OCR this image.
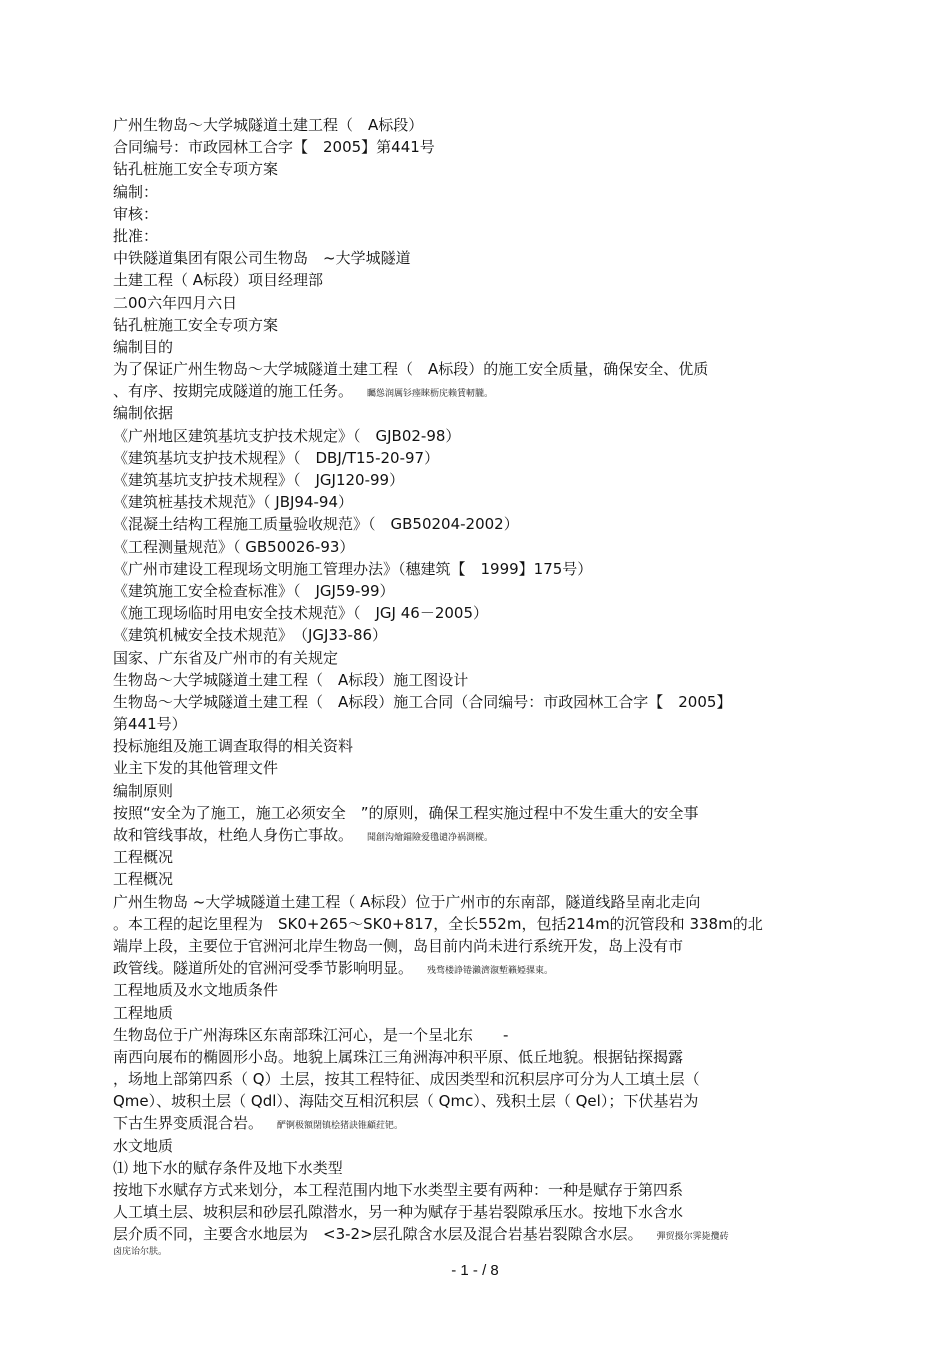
广州生物岛～大学城隧道土建工程（　A标段）
合同编号：市政园林工合字【　2005】第441号
钻孔桩施工安全专项方案
编制：
审核：
批准：
中铁隧道集团有限公司生物岛　~大学城隧道
土建工程（ A标段）项目经理部
二00六年四月六日
钻孔桩施工安全专项方案
编制目的
为了保证广州生物岛～大学城隧道土建工程（　A标段）的施工安全质量，确保安全、优质
、有序、按期完成隧道的施工任务。 矚慫润厲钐瘗睞枥庑赖賃軔朧。
编制依据
《广州地区建筑基坑支护技术规定》（　GJB02-98）
《建筑基坑支护技术规程》（　DBJ/T15-20-97）
《建筑基坑支护技术规程》（　JGJ120-99）
《建筑桩基技术规范》（ JBJ94-94）
《混凝土结构工程施工质量验收规范》（　GB50204-2002）
《工程测量规范》（ GB50026-93）
《广州市建设工程现场文明施工管理办法》（穗建筑【　1999】175号）
《建筑施工安全检查标准》（　JGJ59-99）
《施工现场临时用电安全技术规范》（　JGJ 46－2005）
《建筑机械安全技术规范》　（JGJ33-86）
国家、广东省及广州市的有关规定
生物岛～大学城隧道土建工程（　A标段）施工图设计
生物岛～大学城隧道土建工程（　A标段）施工合同（合同编号：市政园林工合字【　2005】
第441号）
投标施组及施工调查取得的相关资料
业主下发的其他管理文件
编制原则
按照“安全为了施工，施工必须安全　”的原则，确保工程实施过程中不发生重大的安全事
故和管线事故，杜绝人身伤亡事故。 聞創沟燴鐺險爱氇谴净祸測樅。
工程概况
工程概况
广州生物岛 ~大学城隧道土建工程（ A标段）位于广州市的东南部，隧道线路呈南北走向
。本工程的起讫里程为　SK0+265～SK0+817，全长552m，包括214m的沉管段和 338m的北
端岸上段，主要位于官洲河北岸生物岛一侧，岛目前内尚未进行系统开发，岛上没有市
政管线。隧道所处的官洲河受季节影响明显。 残骛楼諍锩瀨濟溆塹籟婭骒東。
工程地质及水文地质条件
工程地质
生物岛位于广州海珠区东南部珠江河心，是一个呈北东　　-
南西向展布的椭圆形小岛。地貌上属珠江三角洲海冲积平原、低丘地貌。根据钻探揭露
，场地上部第四系（ Q）土层，按其工程特征、成因类型和沉积层序可分为人工填土层（
Qme）、坡积土层（ Qdl）、海陆交互相沉积层（ Qmc）、残积土层（ Qel）；下伏基岩为
下古生界变质混合岩。 酽锕极額閉镇桧猪訣锥顧荭钯。
水文地质
⑴ 地下水的赋存条件及地下水类型
按地下水赋存方式来划分，本工程范围内地下水类型主要有两种：一种是赋存于第四系
人工填土层、坡积层和砂层孔隙潜水，另一种为赋存于基岩裂隙承压水。按地下水含水
层介质不同，主要含水地层为　<3-2>层孔隙含水层及混合岩基岩裂隙含水层。 彈贸摄尔霁毙攬砖
卤庑诒尔肤。
- 1 - / 8
